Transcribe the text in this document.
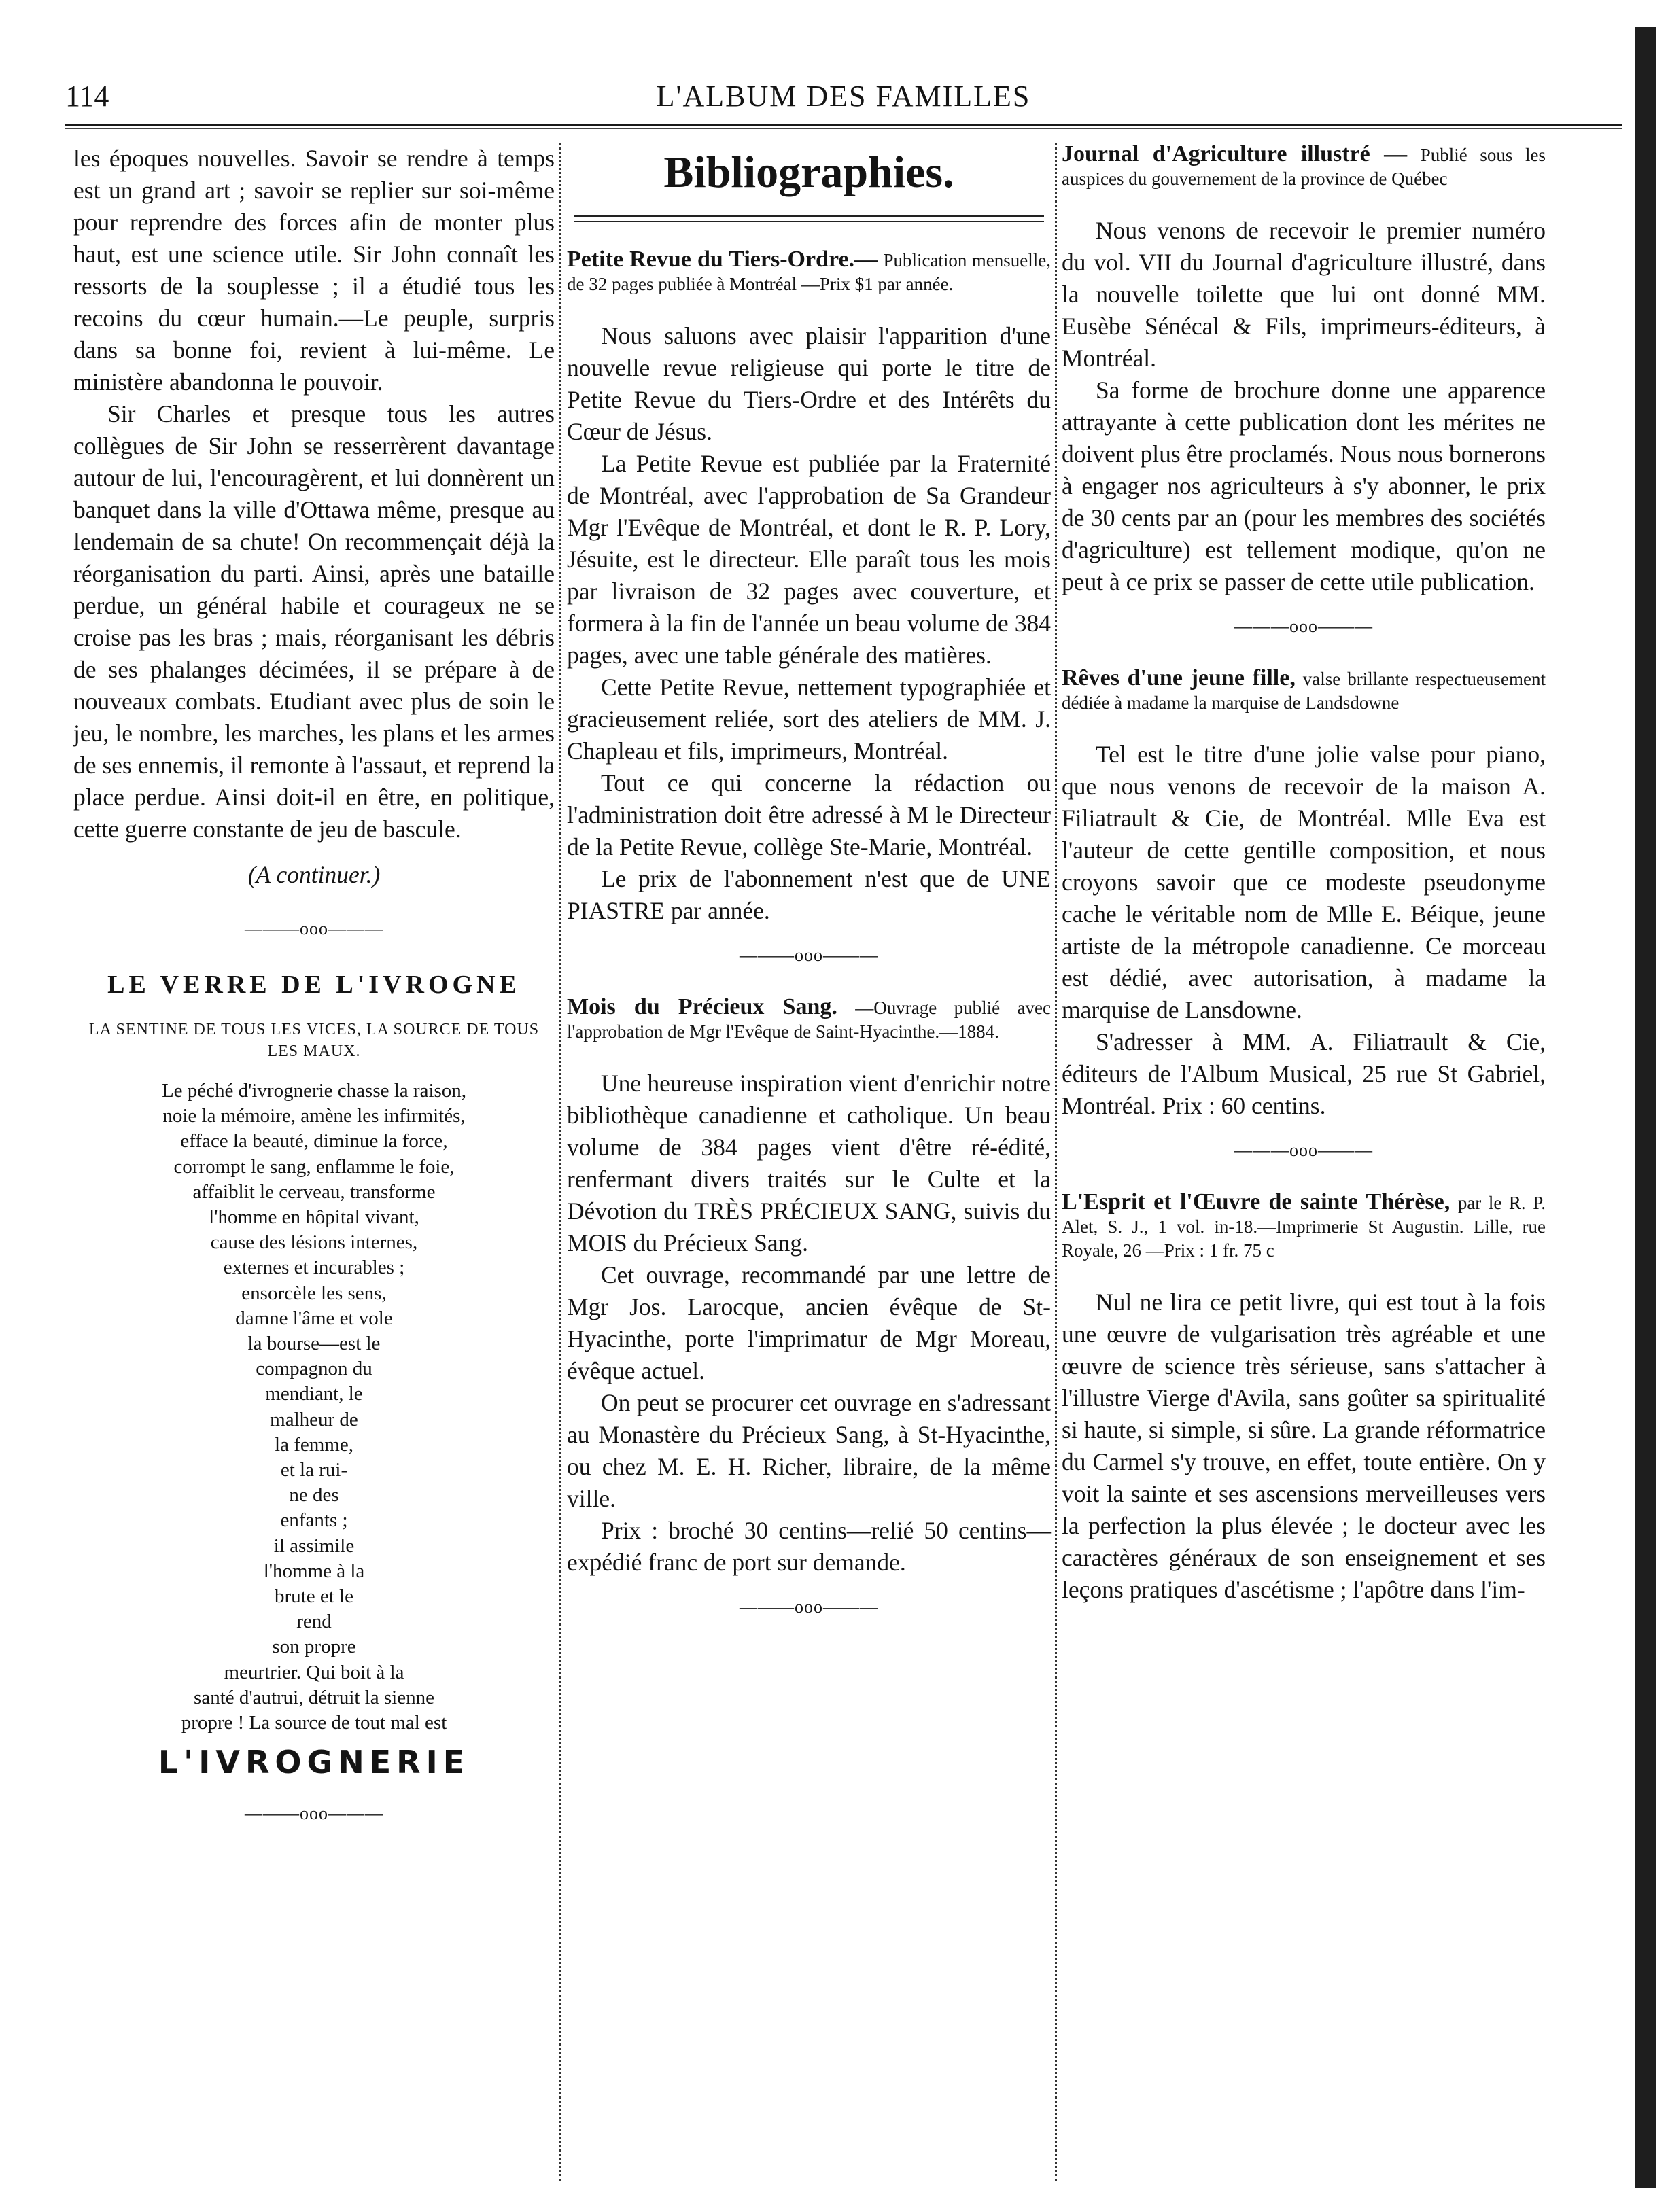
114	L'ALBUM DES FAMILLES

les époques nouvelles. Savoir se rendre à temps est un grand art ; savoir se replier sur soi-même pour reprendre des forces afin de monter plus haut, est une science utile. Sir John connaît les ressorts de la souplesse ; il a étudié tous les recoins du cœur humain.—Le peuple, surpris dans sa bonne foi, revient à lui-même. Le ministère abandonna le pouvoir.

Sir Charles et presque tous les autres collègues de Sir John se resserrèrent davantage autour de lui, l'encouragèrent, et lui donnèrent un banquet dans la ville d'Ottawa même, presque au lendemain de sa chute! On recommençait déjà la réorganisation du parti. Ainsi, après une bataille perdue, un général habile et courageux ne se croise pas les bras ; mais, réorganisant les débris de ses phalanges décimées, il se prépare à de nouveaux combats. Etudiant avec plus de soin le jeu, le nombre, les marches, les plans et les armes de ses ennemis, il remonte à l'assaut, et reprend la place perdue. Ainsi doit-il en être, en politique, cette guerre constante de jeu de bascule.

(A continuer.)
———ooo———
LE VERRE DE L'IVROGNE
LA SENTINE DE TOUS LES VICES, LA SOURCE DE TOUS LES MAUX.
Le péché d'ivrognerie chasse la raison,
noie la mémoire, amène les infirmités,
efface la beauté, diminue la force,
corrompt le sang, enflamme le foie,
affaiblit le cerveau, transforme
l'homme en hôpital vivant,
cause des lésions internes,
externes et incurables ;
ensorcèle les sens,
damne l'âme et vole
la bourse—est le
compagnon du
mendiant, le
malheur de
la femme,
et la rui-
ne des
enfants ;
il assimile
l'homme à la
brute et le
rend
son propre
meurtrier. Qui boit à la
santé d'autrui, détruit la sienne
propre ! La source de tout mal est
L'IVROGNERIE
———ooo———
Bibliographies.
Petite Revue du Tiers-Ordre.— Publication mensuelle, de 32 pages publiée à Montréal —Prix $1 par année.

Nous saluons avec plaisir l'apparition d'une nouvelle revue religieuse qui porte le titre de Petite Revue du Tiers-Ordre et des Intérêts du Cœur de Jésus.

La Petite Revue est publiée par la Fraternité de Montréal, avec l'approbation de Sa Grandeur Mgr l'Evêque de Montréal, et dont le R. P. Lory, Jésuite, est le directeur. Elle paraît tous les mois par livraison de 32 pages avec couverture, et formera à la fin de l'année un beau volume de 384 pages, avec une table générale des matières.

Cette Petite Revue, nettement typographiée et gracieusement reliée, sort des ateliers de MM. J. Chapleau et fils, imprimeurs, Montréal.

Tout ce qui concerne la rédaction ou l'administration doit être adressé à M le Directeur de la Petite Revue, collège Ste-Marie, Montréal.

Le prix de l'abonnement n'est que de UNE PIASTRE par année.

———ooo———
Mois du Précieux Sang. —Ouvrage publié avec l'approbation de Mgr l'Evêque de Saint-Hyacinthe.—1884.

Une heureuse inspiration vient d'enrichir notre bibliothèque canadienne et catholique. Un beau volume de 384 pages vient d'être ré-édité, renfermant divers traités sur le Culte et la Dévotion du TRÈS PRÉCIEUX SANG, suivis du MOIS du Précieux Sang.

Cet ouvrage, recommandé par une lettre de Mgr Jos. Larocque, ancien évêque de St-Hyacinthe, porte l'imprimatur de Mgr Moreau, évêque actuel.

On peut se procurer cet ouvrage en s'adressant au Monastère du Précieux Sang, à St-Hyacinthe, ou chez M. E. H. Richer, libraire, de la même ville.

Prix : broché 30 centins—relié 50 centins—expédié franc de port sur demande.

———ooo———
Journal d'Agriculture illustré — Publié sous les auspices du gouvernement de la province de Québec

Nous venons de recevoir le premier numéro du vol. VII du Journal d'agriculture illustré, dans la nouvelle toilette que lui ont donné MM. Eusèbe Sénécal & Fils, imprimeurs-éditeurs, à Montréal.

Sa forme de brochure donne une apparence attrayante à cette publication dont les mérites ne doivent plus être proclamés. Nous nous bornerons à engager nos agriculteurs à s'y abonner, le prix de 30 cents par an (pour les membres des sociétés d'agriculture) est tellement modique, qu'on ne peut à ce prix se passer de cette utile publication.

———ooo———
Rêves d'une jeune fille, valse brillante respectueusement dédiée à madame la marquise de Landsdowne

Tel est le titre d'une jolie valse pour piano, que nous venons de recevoir de la maison A. Filiatrault & Cie, de Montréal. Mlle Eva est l'auteur de cette gentille composition, et nous croyons savoir que ce modeste pseudonyme cache le véritable nom de Mlle E. Béique, jeune artiste de la métropole canadienne. Ce morceau est dédié, avec autorisation, à madame la marquise de Lansdowne.

S'adresser à MM. A. Filiatrault & Cie, éditeurs de l'Album Musical, 25 rue St Gabriel, Montréal. Prix : 60 centins.

———ooo———
L'Esprit et l'Œuvre de sainte Thérèse, par le R. P. Alet, S. J., 1 vol. in-18.—Imprimerie St Augustin. Lille, rue Royale, 26 —Prix : 1 fr. 75 c

Nul ne lira ce petit livre, qui est tout à la fois une œuvre de vulgarisation très agréable et une œuvre de science très sérieuse, sans s'attacher à l'illustre Vierge d'Avila, sans goûter sa spiritualité si haute, si simple, si sûre. La grande réformatrice du Carmel s'y trouve, en effet, toute entière. On y voit la sainte et ses ascensions merveilleuses vers la perfection la plus élevée ; le docteur avec les caractères généraux de son enseignement et ses leçons pratiques d'ascétisme ; l'apôtre dans l'im-
